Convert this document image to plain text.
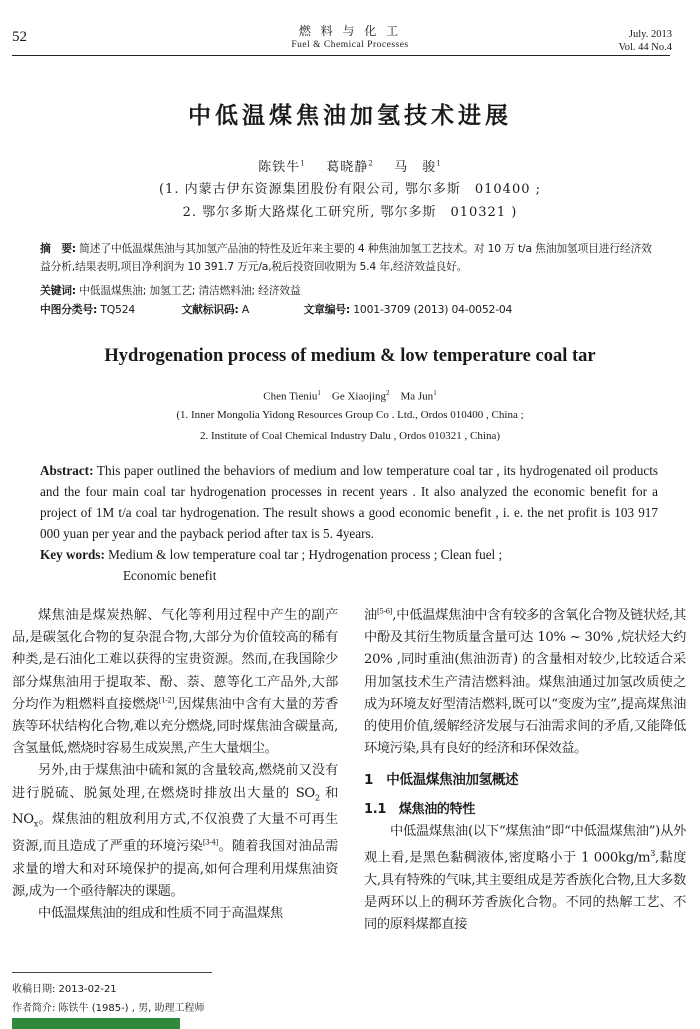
52	燃 料 与 化 工
Fuel & Chemical Processes
July. 2013
Vol. 44 No.4
中低温煤焦油加氢技术进展
陈铁牛$^1$ 葛晓静$^2$ 马　骏$^1$
(1. 内蒙古伊东资源集团股份有限公司, 鄂尔多斯　010400 ;
2. 鄂尔多斯大路煤化工研究所, 鄂尔多斯　010321 )
摘　要: 简述了中低温煤焦油与其加氢产品油的特性及近年来主要的 4 种焦油加氢工艺技术。对 10 万 t/a 焦油加氢项目进行经济效益分析,结果表明,项目净利润为 10 391.7 万元/a,税后投资回收期为 5.4 年,经济效益良好。
关键词: 中低温煤焦油; 加氢工艺; 清洁燃料油; 经济效益
中图分类号: TQ524	文献标识码: A	文章编号: 1001-3709 (2013) 04-0052-04
Hydrogenation process of medium & low temperature coal tar
Chen Tieniu$^1$ Ge Xiaojing$^2$ Ma Jun$^1$
(1. Inner Mongolia Yidong Resources Group Co . Ltd., Ordos 010400 , China ;
2. Institute of Coal Chemical Industry Dalu , Ordos 010321 , China)
Abstract: This paper outlined the behaviors of medium and low temperature coal tar , its hydrogenated oil products and the four main coal tar hydrogenation processes in recent years . It also analyzed the economic benefit for a project of 1M t/a coal tar hydrogenation. The result shows a good economic benefit , i. e. the net profit is 103 917 000 yuan per year and the payback period after tax is 5. 4years.
Key words: Medium & low temperature coal tar ; Hydrogenation process ; Clean fuel ;
Economic benefit

煤焦油是煤炭热解、气化等利用过程中产生的副产品,是碳氢化合物的复杂混合物,大部分为价值较高的稀有种类,是石油化工难以获得的宝贵资源。然而,在我国除少部分煤焦油用于提取苯、酚、萘、蒽等化工产品外,大部分均作为粗燃料直接燃烧[1-2],因煤焦油中含有大量的芳香族等环状结构化合物,难以充分燃烧,同时煤焦油含碳量高,含氢量低,燃烧时容易生成炭黑,产生大量烟尘。

另外,由于煤焦油中硫和氮的含量较高,燃烧前又没有进行脱硫、脱氮处理,在燃烧时排放出大量的 $SO_2$ 和 $NO_x$。煤焦油的粗放利用方式,不仅浪费了大量不可再生资源,而且造成了严重的环境污染[3-4]。随着我国对油品需求量的增大和对环境保护的提高,如何合理利用煤焦油资源,成为一个亟待解决的课题。

中低温煤焦油的组成和性质不同于高温煤焦

油[5-6],中低温煤焦油中含有较多的含氧化合物及链状烃,其中酚及其衍生物质量含量可达 10% ~ 30% ,烷状烃大约 20% ,同时重油(焦油沥青) 的含量相对较少,比较适合采用加氢技术生产清洁燃料油。煤焦油通过加氢改质使之成为环境友好型清洁燃料,既可以“变废为宝”,提高煤焦油的使用价值,缓解经济发展与石油需求间的矛盾,又能降低环境污染,具有良好的经济和环保效益。

1　中低温煤焦油加氢概述
1.1　煤焦油的特性

中低温煤焦油(以下“煤焦油”即“中低温煤焦油”)从外观上看,是黑色黏稠液体,密度略小于 1 $000kg/m^3$,黏度大,具有特殊的气味,其主要组成是芳香族化合物,且大多数是两环以上的稠环芳香族化合物。不同的热解工艺、不同的原料煤都直接

收稿日期: 2013-02-21
作者简介: 陈铁牛 (1985-) , 男, 助理工程师
